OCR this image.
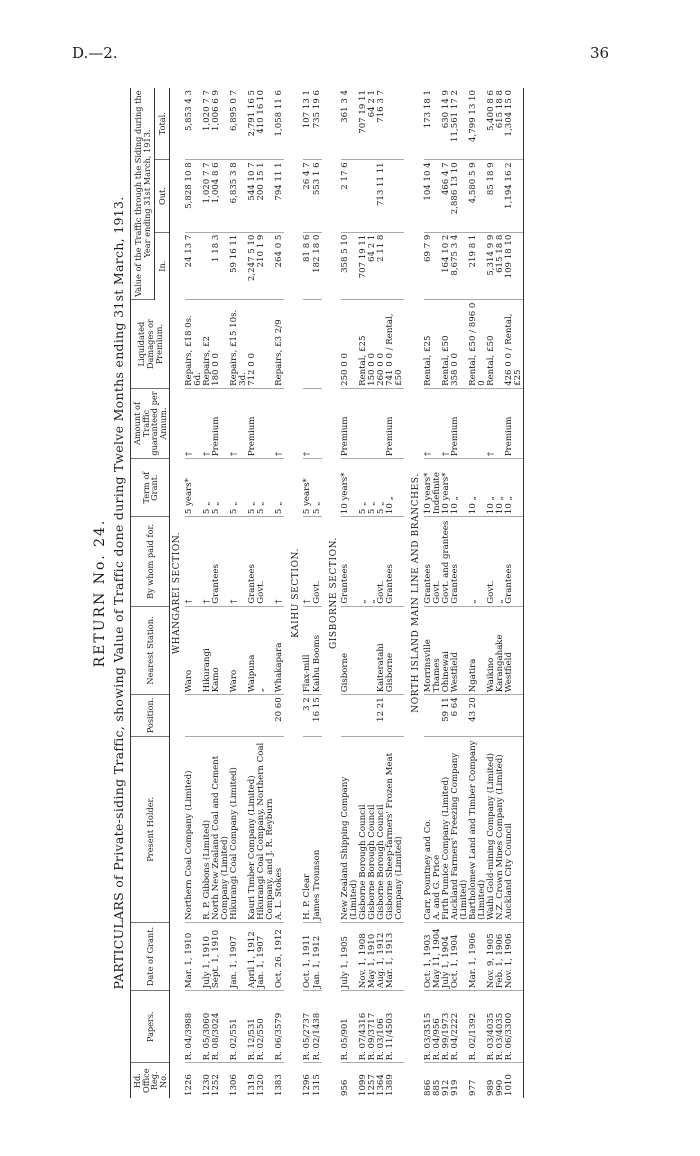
D.—2.	36
RETURN No. 24. PARTICULARS of Private-siding Traffic, showing Value of Traffic done during Twelve Months ending 31st March, 1913.
Hd. Office Reg. No.	Papers.	Date of Grant.	Present Holder.	Position.	Nearest Station.	By whom paid for.	Term of Grant.	Amount of Traffic guaranteed per Annum.	Liquidated Damages or Premium.	Value of the Traffic through the Siding during the Year ending 31st March, 1913.		
										In.	Out.	Total.
WHANGAREI SECTION.												
1226	R. 04/3988	Mar. 1, 1910	Northern Coal Company (Limited)		Waro	†	5 years*	†	Repairs, £18 0s. 6d.	24 13 7	5,828 10 8	5,853 4 3
1230	R. 05/3060	July 1, 1910	R. P. Gibbons (Limited)		Hikurangi	†	5 „	†	Repairs, £2		1,020 7 7	1,020 7 7
1252	R. 08/3024	Sept. 1, 1910	North New Zealand Coal and Cement Company (Limited)		Kamo	Grantees	5 „	Premium	180 0 0	1 18 3	1,004 8 6	1,006 6 9
1306	R. 02/551	Jan. 1, 1907	Hikurangi Coal Company (Limited)		Waro	†	5 „	†	Repairs, £15 10s. 3d.	59 16 11	6,835 3 8	6,895 0 7
1319	R. 12/531	April 1, 1912	Kauri Timber Company (Limited)		Waipuna	Grantees	5 „	Premium	712 0 0	2,247 5 10	544 10 7	2,791 16 5
1320	R. 02/550	Jan. 1, 1907	Hikurangi Coal Company, Northern Coal Company, and J. R. Reyburn		„	Govt.	5 „			210 1 9	200 15 1	410 16 10
1383	R. 06/3579	Oct. 26, 1912	A. L. Stokes	20 60	Whakapara	†	5 „	†	Repairs, £3 2/9	264 0 5	794 11 1	1,058 11 6

KAIHU SECTION.												
1296	R. 05/2737	Oct. 1, 1911	H. P. Clear	3 2	Flax-mill	†	5 years*	†		81 8 6	26 4 7	107 13 1
1315	R. 02/1438	Jan. 1, 1912	James Trounson	16 15	Kaihu Booms	Govt.	5 „			182 18 0	553 1 6	735 19 6

GISBORNE SECTION.												
956	R. 05/901	July 1, 1905	New Zealand Shipping Company (Limited)		Gisborne	Grantees	10 years*	Premium	250 0 0	358 5 10	2 17 6	361 3 4
1099	R. 07/4316	Nov. 1, 1908	Gisborne Borough Council			„	5 „		Rental, £25	707 19 11		707 19 11
1257	R. 09/3717	May 1, 1910	Gisborne Borough Council			„	5 „		150 0 0	64 2 1		64 2 1
1364	R. 03/106	Aug. 1, 1912	Gisborne Borough Council	12 21	Kaiteratahi	Govt.	5 „		260 0 0	2 11 8	713 11 11	716 3 7
1389	R. 11/4503	Mar. 1, 1913	Gisborne Sheep-farmers' Frozen Meat Company (Limited)		Gisborne	Grantees	10 „	Premium	741 0 0 / Rental, £50			

NORTH ISLAND MAIN LINE AND BRANCHES.												
866	R. 03/3515	Oct. 1, 1903	Carr, Pountney and Co.		Morrinsville	Grantees	10 years*	†	Rental, £25	69 7 9	104 10 4	173 18 1
885	R. 04/956	May 11, 1904	A. and G. Price		Thames	Govt.	Indefinite					
912	R. 99/1973	July 1, 1904	Firth Pumice Company (Limited)	59 11	Ohinewai	Govt. and grantees	10 years*	†	Rental, £50	164 10 2	466 4 7	630 14 9
919	R. 04/2222	Oct. 1, 1904	Auckland Farmers' Freezing Company (Limited)	6 64	Westfield	Grantees	10 „	Premium	358 0 0	8,675 3 4	2,886 13 10	11,561 17 2
977	R. 02/1392	Mar. 1, 1906	Bartholomew Land and Timber Company (Limited)	43 20	Ngatira	„	10 „		Rental, £50 / 896 0 0	219 8 1	4,580 5 9	4,799 13 10
989	R. 03/4035	Nov. 9, 1905	Waihi Gold-mining Company (Limited)		Waikino	Govt.	10 „	†	Rental, £50	5,314 9 9	85 18 9	5,400 8 6
990	R. 03/4035	Feb. 1, 1906	N.Z. Crown Mines Company (Limited)		Karangahake	„	10 „			615 18 8		615 18 8
1010	R. 06/3300	Nov. 1, 1906	Auckland City Council		Westfield	Grantees	10 „	Premium	426 0 0 / Rental, £25	109 18 10	1,194 16 2	1,304 15 0
